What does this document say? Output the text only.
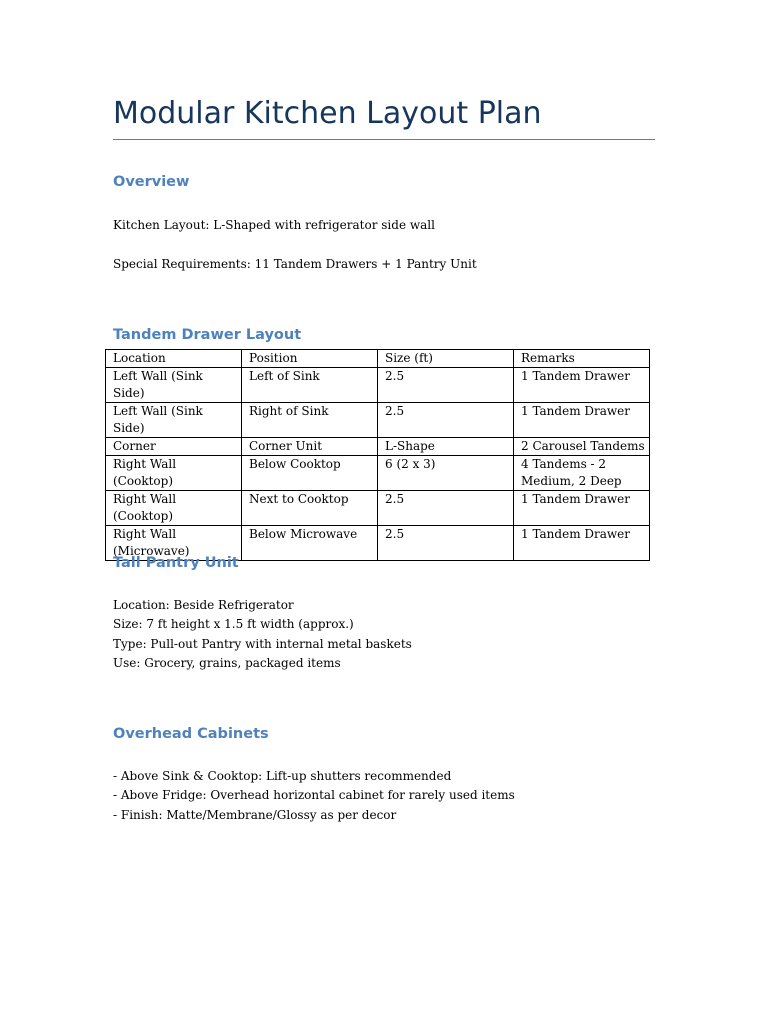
Modular Kitchen Layout Plan
Overview

Kitchen Layout: L-Shaped with refrigerator side wall

Special Requirements: 11 Tandem Drawers + 1 Pantry Unit

Tandem Drawer Layout
Location	Position	Size (ft)	Remarks
Left Wall (Sink Side)	Left of Sink	2.5	1 Tandem Drawer
Left Wall (Sink Side)	Right of Sink	2.5	1 Tandem Drawer
Corner	Corner Unit	L-Shape	2 Carousel Tandems
Right Wall (Cooktop)	Below Cooktop	6 (2 x 3)	4 Tandems - 2 Medium, 2 Deep
Right Wall (Cooktop)	Next to Cooktop	2.5	1 Tandem Drawer
Right Wall (Microwave)	Below Microwave	2.5	1 Tandem Drawer
Tall Pantry Unit
Location: Beside Refrigerator
Size: 7 ft height x 1.5 ft width (approx.)
Type: Pull-out Pantry with internal metal baskets
Use: Grocery, grains, packaged items
Overhead Cabinets
- Above Sink & Cooktop: Lift-up shutters recommended
- Above Fridge: Overhead horizontal cabinet for rarely used items
- Finish: Matte/Membrane/Glossy as per decor
